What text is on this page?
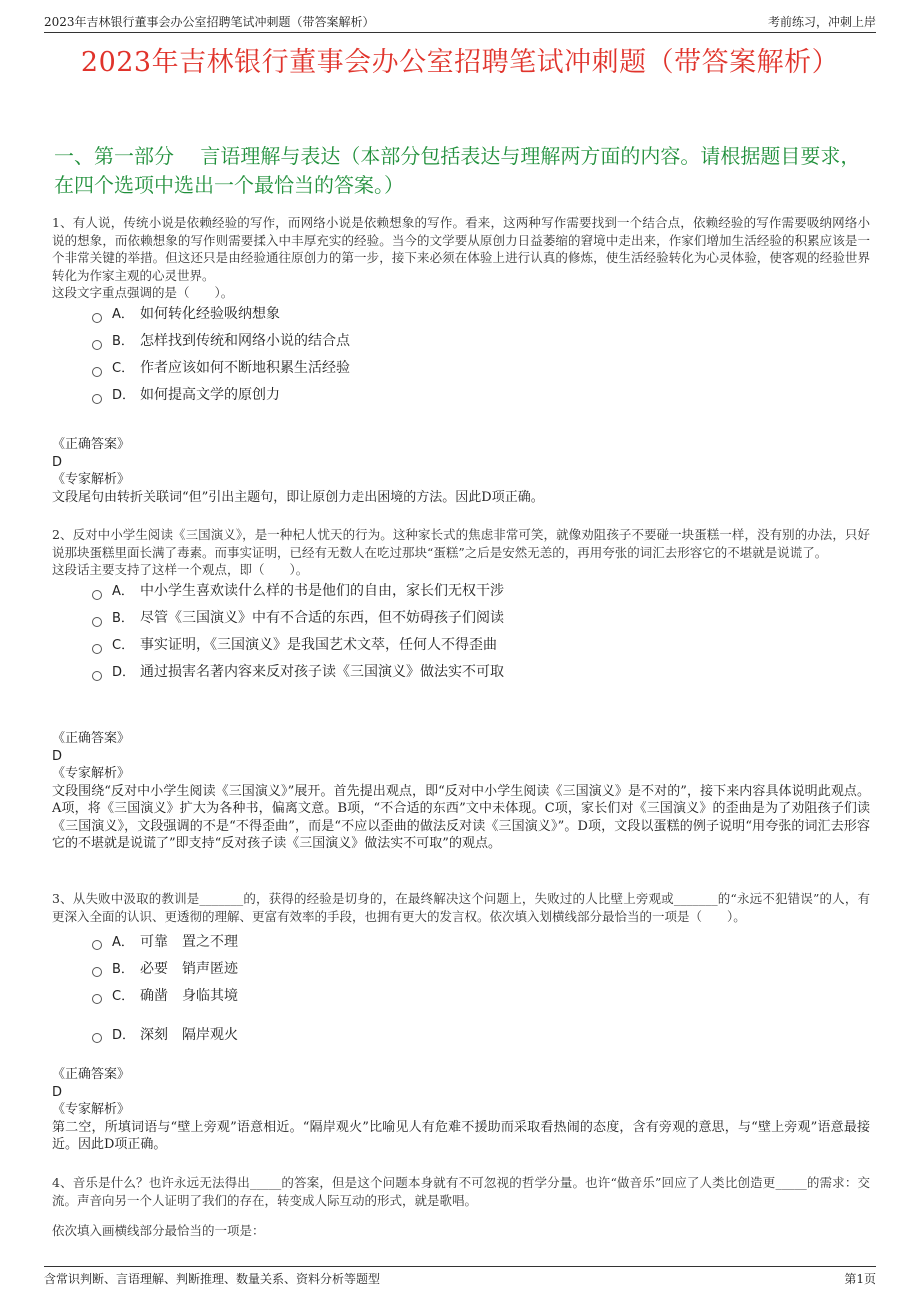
2023年吉林银行董事会办公室招聘笔试冲刺题（带答案解析）	考前练习，冲刺上岸
2023年吉林银行董事会办公室招聘笔试冲刺题（带答案解析）
一、第一部分　 言语理解与表达（本部分包括表达与理解两方面的内容。请根据题目要求，在四个选项中选出一个最恰当的答案。）

1、有人说，传统小说是依赖经验的写作，而网络小说是依赖想象的写作。看来，这两种写作需要找到一个结合点，依赖经验的写作需要吸纳网络小说的想象，而依赖想象的写作则需要揉入中丰厚充实的经验。当今的文学要从原创力日益萎缩的窘境中走出来，作家们增加生活经验的积累应该是一个非常关键的举措。但这还只是由经验通往原创力的第一步，接下来必须在体验上进行认真的修炼，使生活经验转化为心灵体验，使客观的经验世界转化为作家主观的心灵世界。

这段文字重点强调的是（　　）。

A． 如何转化经验吸纳想象
B． 怎样找到传统和网络小说的结合点
C． 作者应该如何不断地积累生活经验
D． 如何提高文学的原创力

《正确答案》

D

《专家解析》

文段尾句由转折关联词“但”引出主题句，即让原创力走出困境的方法。因此D项正确。

2、反对中小学生阅读《三国演义》，是一种杞人忧天的行为。这种家长式的焦虑非常可笑，就像劝阻孩子不要碰一块蛋糕一样，没有别的办法，只好说那块蛋糕里面长满了毒素。而事实证明，已经有无数人在吃过那块“蛋糕”之后是安然无恙的，再用夸张的词汇去形容它的不堪就是说谎了。

这段话主要支持了这样一个观点，即（　　）。

A． 中小学生喜欢读什么样的书是他们的自由，家长们无权干涉
B． 尽管《三国演义》中有不合适的东西，但不妨碍孩子们阅读
C． 事实证明，《三国演义》是我国艺术文萃，任何人不得歪曲
D． 通过损害名著内容来反对孩子读《三国演义》做法实不可取

《正确答案》

D

《专家解析》

文段围绕“反对中小学生阅读《三国演义》”展开。首先提出观点，即“反对中小学生阅读《三国演义》是不对的”，接下来内容具体说明此观点。A项，将《三国演义》扩大为各种书，偏离文意。B项，“不合适的东西”文中未体现。C项，家长们对《三国演义》的歪曲是为了劝阻孩子们读《三国演义》，文段强调的不是“不得歪曲”，而是“不应以歪曲的做法反对读《三国演义》”。D项，文段以蛋糕的例子说明“用夸张的词汇去形容它的不堪就是说谎了”即支持“反对孩子读《三国演义》做法实不可取”的观点。

3、从失败中汲取的教训是_______的，获得的经验是切身的，在最终解决这个问题上，失败过的人比壁上旁观或_______的“永远不犯错误”的人，有更深入全面的认识、更透彻的理解、更富有效率的手段，也拥有更大的发言权。依次填入划横线部分最恰当的一项是（　　）。

A． 可靠　置之不理
B． 必要　销声匿迹
C． 确凿　身临其境
D． 深刻　隔岸观火

《正确答案》

D

《专家解析》

第二空，所填词语与“壁上旁观”语意相近。“隔岸观火”比喻见人有危难不援助而采取看热闹的态度，含有旁观的意思，与“壁上旁观”语意最接近。因此D项正确。

4、音乐是什么？也许永远无法得出_____的答案，但是这个问题本身就有不可忽视的哲学分量。也许“做音乐”回应了人类比创造更_____的需求：交流。声音向另一个人证明了我们的存在，转变成人际互动的形式，就是歌唱。

依次填入画横线部分最恰当的一项是：

含常识判断、言语理解、判断推理、数量关系、资料分析等题型	第1页
